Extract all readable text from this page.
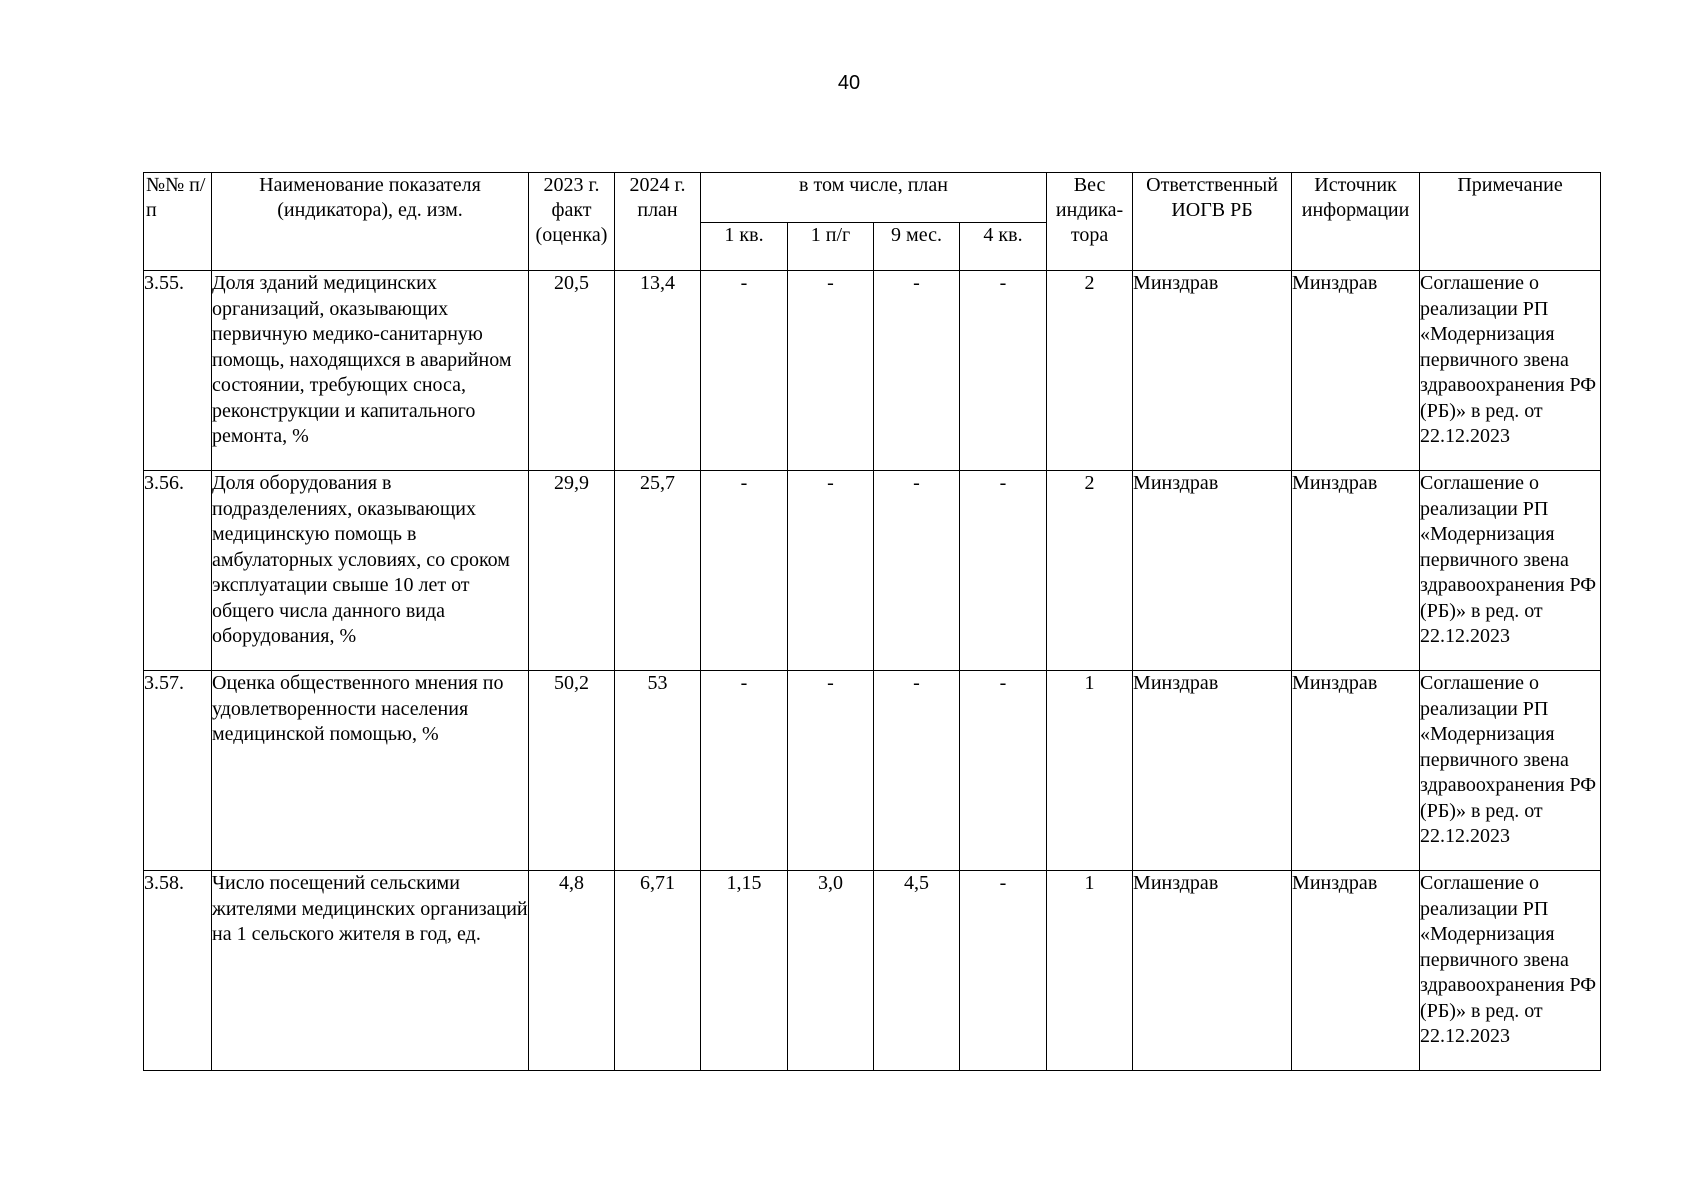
40
№№ п/п	Наименование показателя (индикатора), ед. изм.	2023 г. факт (оценка)	2024 г. план	в том числе, план				Вес индика-тора	Ответственный ИОГВ РБ	Источник информации	Примечание
				1 кв.	1 п/г	9 мес.	4 кв.				
3.55.	Доля зданий медицинских организаций, оказывающих первичную медико-санитарную помощь, находящихся в аварийном состоянии, требующих сноса, реконструкции и капитального ремонта, %	20,5	13,4	-	-	-	-	2	Минздрав	Минздрав	Соглашение о реализации РП «Модернизация первичного звена здравоохранения РФ (РБ)» в ред. от 22.12.2023
3.56.	Доля оборудования в подразделениях, оказывающих медицинскую помощь в амбулаторных условиях, со сроком эксплуатации свыше 10 лет от общего числа данного вида оборудования, %	29,9	25,7	-	-	-	-	2	Минздрав	Минздрав	Соглашение о реализации РП «Модернизация первичного звена здравоохранения РФ (РБ)» в ред. от 22.12.2023
3.57.	Оценка общественного мнения по удовлетворенности населения медицинской помощью, %	50,2	53	-	-	-	-	1	Минздрав	Минздрав	Соглашение о реализации РП «Модернизация первичного звена здравоохранения РФ (РБ)» в ред. от 22.12.2023
3.58.	Число посещений сельскими жителями медицинских организаций на 1 сельского жителя в год, ед.	4,8	6,71	1,15	3,0	4,5	-	1	Минздрав	Минздрав	Соглашение о реализации РП «Модернизация первичного звена здравоохранения РФ (РБ)» в ред. от 22.12.2023
